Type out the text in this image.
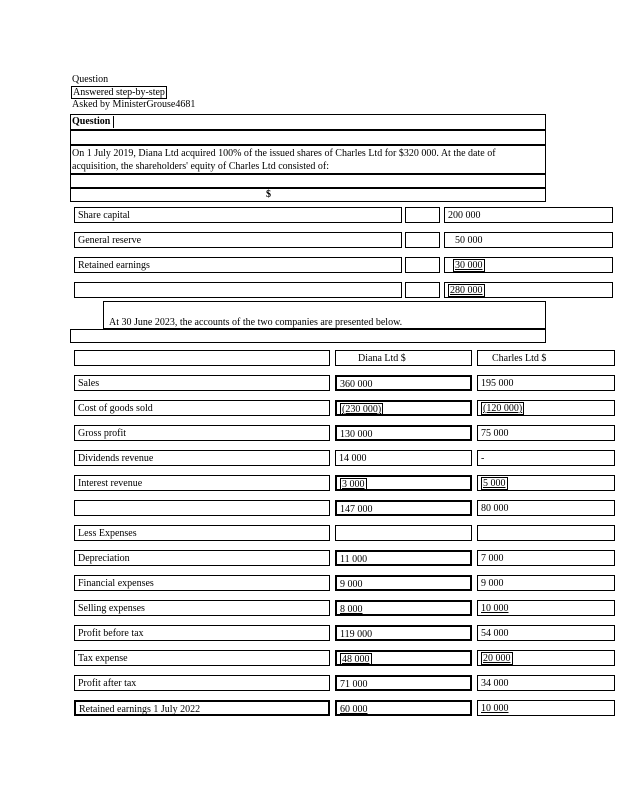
Question
Answered step-by-step
Asked by MinisterGrouse4681
Question
On 1 July 2019, Diana Ltd acquired 100% of the issued shares of Charles Ltd for $320 000. At the date of acquisition, the shareholders' equity of Charles Ltd consisted of:
$
Share capital	200 000
General reserve	50 000
Retained earnings	30 000
280 000
At 30 June 2023, the accounts of the two companies are presented below.
Diana Ltd $	Charles Ltd $
Sales	360 000	195 000
Cost of goods sold	(230 000)	(120 000)
Gross profit	130 000	75 000
Dividends revenue	14 000	-
Interest revenue	3 000	5 000
147 000	80 000
Less Expenses
Depreciation	11 000	7 000
Financial expenses	9 000	9 000
Selling expenses	8 000	10 000
Profit before tax	119 000	54 000
Tax expense	48 000	20 000
Profit after tax	71 000	34 000
Retained earnings 1 July 2022	60 000	10 000
